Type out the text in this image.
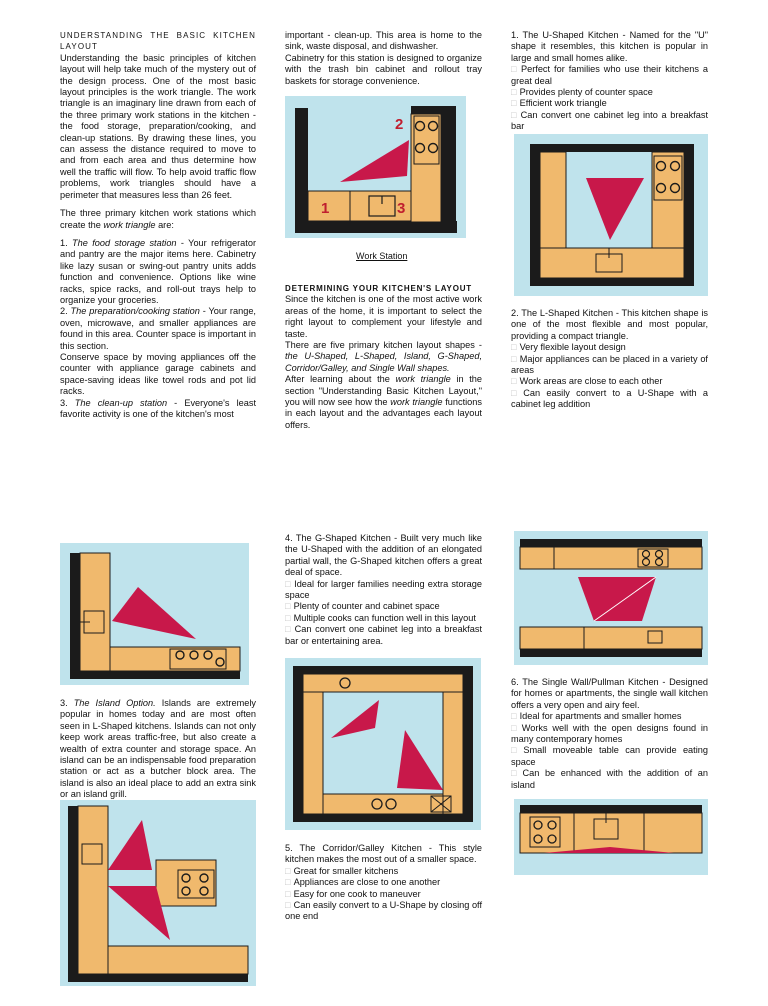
UNDERSTANDING THE BASIC KITCHEN LAYOUT

Understanding the basic principles of kitchen layout will help take much of the mystery out of the design process. One of the most basic layout principles is the work triangle. The work triangle is an imaginary line drawn from each of the three primary work stations in the kitchen - the food storage, preparation/cooking, and clean-up stations. By drawing these lines, you can assess the distance required to move to and from each area and thus determine how well the traffic will flow. To help avoid traffic flow problems, work triangles should have a perimeter that measures less than 26 feet.

The three primary kitchen work stations which create the work triangle are:

1. The food storage station - Your refrigerator and pantry are the major items here. Cabinetry like lazy susan or swing-out pantry units adds function and convenience. Options like wine racks, spice racks, and roll-out trays help to organize your groceries.

2. The preparation/cooking station - Your range, oven, microwave, and smaller appliances are found in this area. Counter space is important in this section.

Conserve space by moving appliances off the counter with appliance garage cabinets and space-saving ideas like towel rods and pot lid racks.

3. The clean-up station - Everyone's least favorite activity is one of the kitchen's most

important - clean-up. This area is home to the sink, waste disposal, and dishwasher.

Cabinetry for this station is designed to organize with the trash bin cabinet and rollout tray baskets for storage convenience.

1
2
3
Work Station

DETERMINING YOUR KITCHEN'S LAYOUT

Since the kitchen is one of the most active work areas of the home, it is important to select the right layout to complement your lifestyle and taste.

There are five primary kitchen layout shapes - the U-Shaped, L-Shaped, Island, G-Shaped, Corridor/Galley, and Single Wall shapes.

After learning about the work triangle in the section "Understanding Basic Kitchen Layout," you will now see how the work triangle functions in each layout and the advantages each layout offers.

1. The U-Shaped Kitchen - Named for the "U" shape it resembles, this kitchen is popular in large and small homes alike.

□ Perfect for families who use their kitchens a great deal
□ Provides plenty of counter space
□ Efficient work triangle
□ Can convert one cabinet leg into a breakfast bar

2. The L-Shaped Kitchen - This kitchen shape is one of the most flexible and most popular, providing a compact triangle.

□ Very flexible layout design
□ Major appliances can be placed in a variety of areas
□ Work areas are close to each other
□ Can easily convert to a U-Shape with a cabinet leg addition

3. The Island Option. Islands are extremely popular in homes today and are most often seen in L-Shaped kitchens. Islands can not only keep work areas traffic-free, but also create a wealth of extra counter and storage space. An island can be an indispensable food preparation station or act as a butcher block area. The island is also an ideal place to add an extra sink or an island grill.

4. The G-Shaped Kitchen - Built very much like the U-Shaped with the addition of an elongated partial wall, the G-Shaped kitchen offers a great deal of space.

□ Ideal for larger families needing extra storage space
□ Plenty of counter and cabinet space
□ Multiple cooks can function well in this layout
□ Can convert one cabinet leg into a breakfast bar or entertaining area.

5. The Corridor/Galley Kitchen - This style kitchen makes the most out of a smaller space.

□ Great for smaller kitchens
□ Appliances are close to one another
□ Easy for one cook to maneuver
□ Can easily convert to a U-Shape by closing off one end

6. The Single Wall/Pullman Kitchen - Designed for homes or apartments, the single wall kitchen offers a very open and airy feel.

□ Ideal for apartments and smaller homes
□ Works well with the open designs found in many contemporary homes
□ Small moveable table can provide eating space
□ Can be enhanced with the addition of an island
